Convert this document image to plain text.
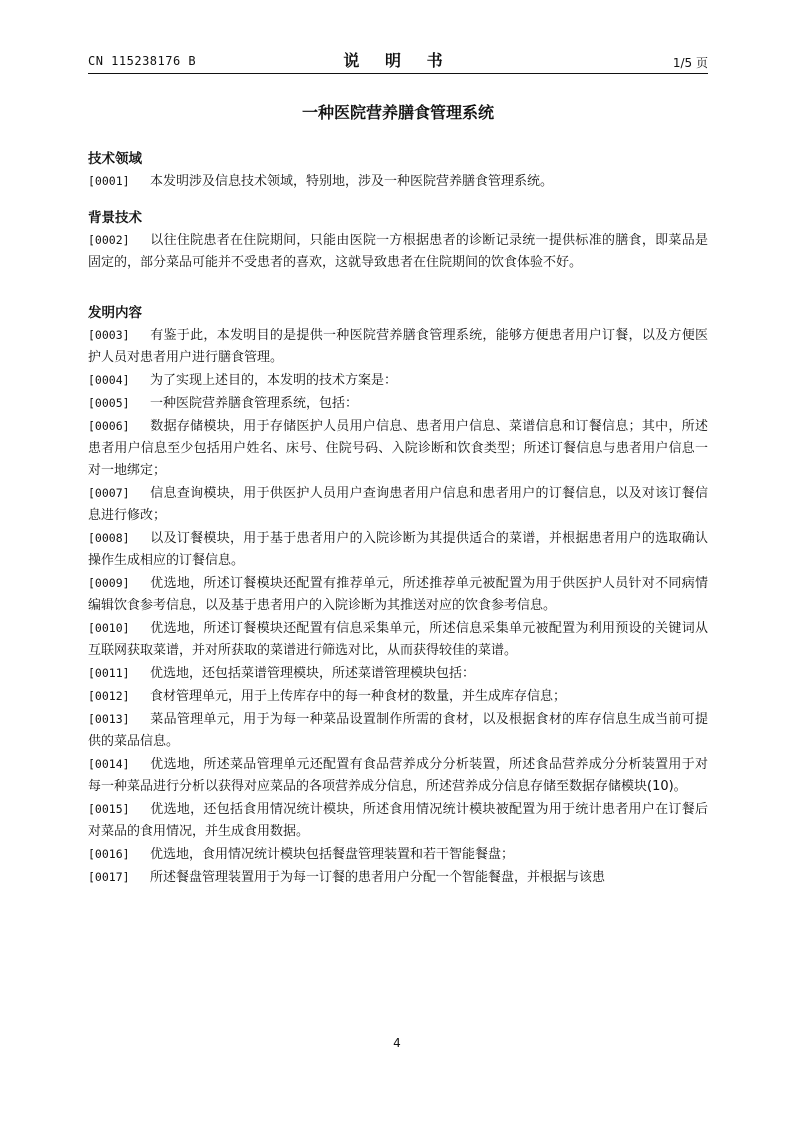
CN 115238176 B	说 明 书	1/5 页
一种医院营养膳食管理系统
技术领域

[0001] 本发明涉及信息技术领域，特别地，涉及一种医院营养膳食管理系统。

背景技术

[0002] 以往住院患者在住院期间，只能由医院一方根据患者的诊断记录统一提供标准的膳食，即菜品是固定的，部分菜品可能并不受患者的喜欢，这就导致患者在住院期间的饮食体验不好。

发明内容

[0003] 有鉴于此，本发明目的是提供一种医院营养膳食管理系统，能够方便患者用户订餐，以及方便医护人员对患者用户进行膳食管理。

[0004] 为了实现上述目的，本发明的技术方案是：

[0005] 一种医院营养膳食管理系统，包括：

[0006] 数据存储模块，用于存储医护人员用户信息、患者用户信息、菜谱信息和订餐信息；其中，所述患者用户信息至少包括用户姓名、床号、住院号码、入院诊断和饮食类型；所述订餐信息与患者用户信息一对一地绑定；

[0007] 信息查询模块，用于供医护人员用户查询患者用户信息和患者用户的订餐信息，以及对该订餐信息进行修改；

[0008] 以及订餐模块，用于基于患者用户的入院诊断为其提供适合的菜谱，并根据患者用户的选取确认操作生成相应的订餐信息。

[0009] 优选地，所述订餐模块还配置有推荐单元，所述推荐单元被配置为用于供医护人员针对不同病情编辑饮食参考信息，以及基于患者用户的入院诊断为其推送对应的饮食参考信息。

[0010] 优选地，所述订餐模块还配置有信息采集单元，所述信息采集单元被配置为利用预设的关键词从互联网获取菜谱，并对所获取的菜谱进行筛选对比，从而获得较佳的菜谱。

[0011] 优选地，还包括菜谱管理模块，所述菜谱管理模块包括：

[0012] 食材管理单元，用于上传库存中的每一种食材的数量，并生成库存信息；

[0013] 菜品管理单元，用于为每一种菜品设置制作所需的食材，以及根据食材的库存信息生成当前可提供的菜品信息。

[0014] 优选地，所述菜品管理单元还配置有食品营养成分分析装置，所述食品营养成分分析装置用于对每一种菜品进行分析以获得对应菜品的各项营养成分信息，所述营养成分信息存储至数据存储模块(10)。

[0015] 优选地，还包括食用情况统计模块，所述食用情况统计模块被配置为用于统计患者用户在订餐后对菜品的食用情况，并生成食用数据。

[0016] 优选地，食用情况统计模块包括餐盘管理装置和若干智能餐盘；

[0017] 所述餐盘管理装置用于为每一订餐的患者用户分配一个智能餐盘，并根据与该患

4
